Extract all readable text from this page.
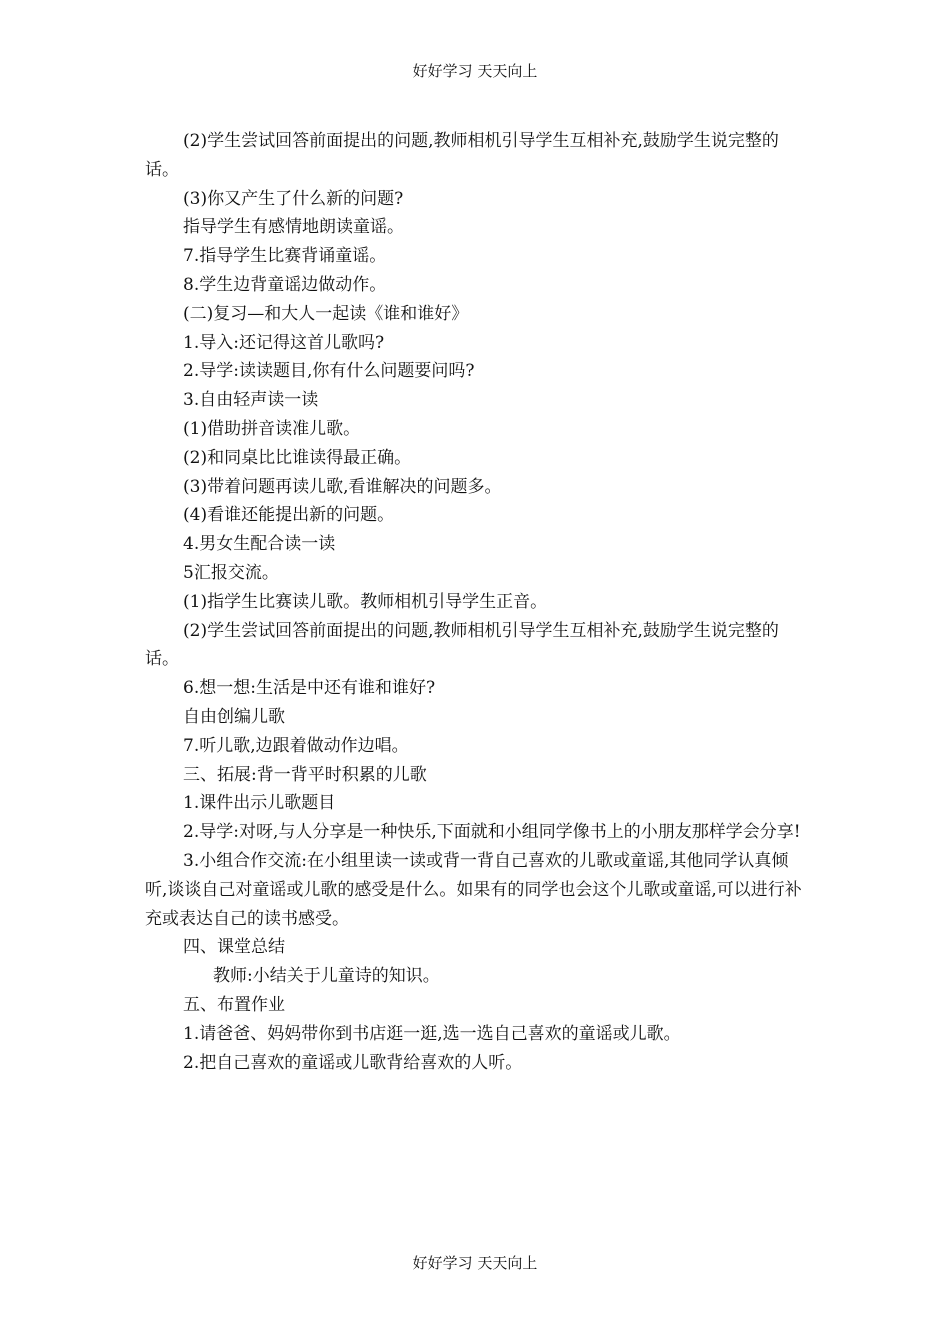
好好学习 天天向上

(2)学生尝试回答前面提出的问题,教师相机引导学生互相补充,鼓励学生说完整的话。

(3)你又产生了什么新的问题?

指导学生有感情地朗读童谣。

7.指导学生比赛背诵童谣。

8.学生边背童谣边做动作。

(二)复习—和大人一起读《谁和谁好》

1.导入:还记得这首儿歌吗?

2.导学:读读题目,你有什么问题要问吗?

3.自由轻声读一读

(1)借助拼音读准儿歌。

(2)和同桌比比谁读得最正确。

(3)带着问题再读儿歌,看谁解决的问题多。

(4)看谁还能提出新的问题。

4.男女生配合读一读

5汇报交流。

(1)指学生比赛读儿歌。教师相机引导学生正音。

(2)学生尝试回答前面提出的问题,教师相机引导学生互相补充,鼓励学生说完整的话。

6.想一想:生活是中还有谁和谁好?

自由创编儿歌

7.听儿歌,边跟着做动作边唱。

三、拓展:背一背平时积累的儿歌

1.课件出示儿歌题目

2.导学:对呀,与人分享是一种快乐,下面就和小组同学像书上的小朋友那样学会分享!

3.小组合作交流:在小组里读一读或背一背自己喜欢的儿歌或童谣,其他同学认真倾听,谈谈自己对童谣或儿歌的感受是什么。如果有的同学也会这个儿歌或童谣,可以进行补充或表达自己的读书感受。

四、课堂总结

教师:小结关于儿童诗的知识。

五、布置作业

1.请爸爸、妈妈带你到书店逛一逛,选一选自己喜欢的童谣或儿歌。

2.把自己喜欢的童谣或儿歌背给喜欢的人听。

好好学习 天天向上
